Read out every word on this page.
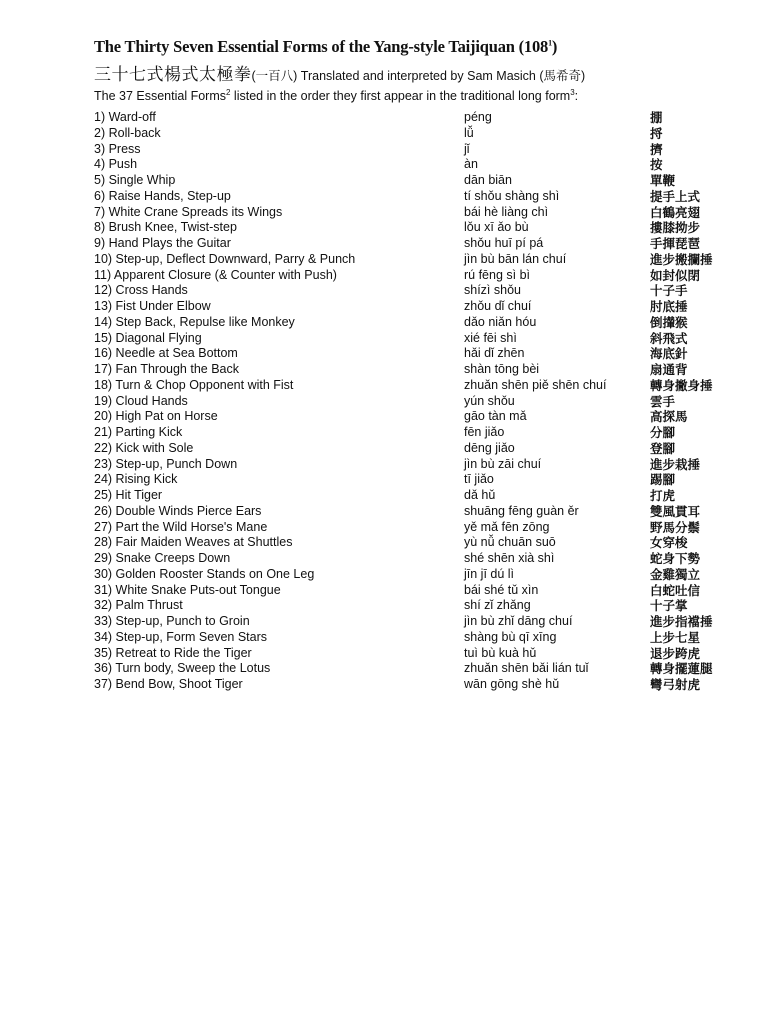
The Thirty Seven Essential Forms of the Yang-style Taijiquan $(108^1)$
三十七式楊式太極拳(一百八) Translated and interpreted by Sam Masich (馬希奇)
The 37 Essential Forms$^2$ listed in the order they first appear in the traditional long form$^3$:
1) Ward-off	péng	掤
2) Roll-back	lǚ	捋
3) Press	jǐ	擠
4) Push	àn	按
5) Single Whip	dān biān	單鞭
6) Raise Hands, Step-up	tí shǒu shàng shì	提手上式
7) White Crane Spreads its Wings	bái hè liàng chì	白鶴亮翅
8) Brush Knee, Twist-step	lǒu xī ǎo bù	摟膝拗步
9) Hand Plays the Guitar	shǒu huī pí pá	手揮琵琶
10) Step-up, Deflect Downward, Parry & Punch	jìn bù bān lán chuí	進步搬攔捶
11) Apparent Closure (& Counter with Push)	rú fēng sì bì	如封似閉
12) Cross Hands	shízì shǒu	十子手
13) Fist Under Elbow	zhǒu dǐ chuí	肘底捶
14) Step Back, Repulse like Monkey	dǎo niǎn hóu	倒攆猴
15) Diagonal Flying	xié fēi shì	斜飛式
16) Needle at Sea Bottom	hǎi dǐ zhēn	海底針
17) Fan Through the Back	shàn tōng bèi	扇通背
18) Turn & Chop Opponent with Fist	zhuǎn shēn piě shēn chuí	轉身撇身捶
19) Cloud Hands	yún shǒu	雲手
20) High Pat on Horse	gāo tàn mǎ	高探馬
21) Parting Kick	fēn jiǎo	分腳
22) Kick with Sole	dēng jiǎo	登腳
23) Step-up, Punch Down	jìn bù zāi chuí	進步栽捶
24) Rising Kick	tī jiǎo	踢腳
25) Hit Tiger	dǎ hǔ	打虎
26) Double Winds Pierce Ears	shuāng fēng guàn ěr	雙風貫耳
27) Part the Wild Horse's Mane	yě mǎ fēn zōng	野馬分鬃
28) Fair Maiden Weaves at Shuttles	yù nǚ chuān suō	女穿梭
29) Snake Creeps Down	shé shēn xià shì	蛇身下勢
30) Golden Rooster Stands on One Leg	jīn jī dú lì	金雞獨立
31) White Snake Puts-out Tongue	bái shé tǔ xìn	白蛇吐信
32) Palm Thrust	shí zǐ zhǎng	十子掌
33) Step-up, Punch to Groin	jìn bù zhǐ dāng chuí	進步指襠捶
34) Step-up, Form Seven Stars	shàng bù qī xīng	上步七星
35) Retreat to Ride the Tiger	tuì bù kuà hǔ	退步跨虎
36) Turn body, Sweep the Lotus	zhuǎn shēn bǎi lián tuǐ	轉身擺蓮腿
37) Bend Bow, Shoot Tiger	wān gōng shè hǔ	彎弓射虎
